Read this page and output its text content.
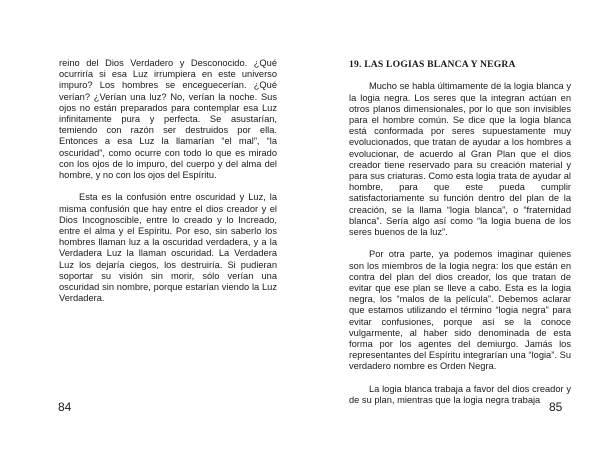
reino del Dios Verdadero y Desconocido. ¿Qué ocurriría si esa Luz irrumpiera en este universo impuro? Los hombres se enceguecerían. ¿Qué verían? ¿Verían una luz? No, verían la noche. Sus ojos no están preparados para contemplar esa Luz infinitamente pura y perfecta. Se asustarían, temiendo con razón ser destruidos por ella. Entonces a esa Luz la llamarían “el mal”, “la oscuridad”, como ocurre con todo lo que es mirado con los ojos de lo impuro, del cuerpo y del alma del hombre, y no con los ojos del Espíritu.

Esta es la confusión entre oscuridad y Luz, la misma confusión que hay entre el dios creador y el Dios Incognoscible, entre lo creado y lo Increado, entre el alma y el Espíritu. Por eso, sin saberlo los hombres llaman luz a la oscuridad verdadera, y a la Verdadera Luz la llaman oscuridad. La Verdadera Luz los dejaría ciegos, los destruiría. Si pudieran soportar su visión sin morir, sólo verían una oscuridad sin nombre, porque estarían viendo la Luz Verdadera.

84
19. LAS LOGIAS BLANCA Y NEGRA

Mucho se habla últimamente de la logia blanca y la logia negra. Los seres que la integran actúan en otros planos dimensionales, por lo que son invisibles para el hombre común. Se dice que la logia blanca está conformada por seres supuestamente muy evolucionados, que tratan de ayudar a los hombres a evolucionar, de acuerdo al Gran Plan que el dios creador tiene reservado para su creación material y para sus criaturas. Como esta logia trata de ayudar al hombre, para que este pueda cumplir satisfactoriamente su función dentro del plan de la creación, se la llama “logia blanca”, o “fraternidad blanca”. Sería algo así como “la logia buena de los seres buenos de la luz”.

Por otra parte, ya podemos imaginar quienes son los miembros de la logia negra: los que están en contra del plan del dios creador, los que tratan de evitar que ese plan se lleve a cabo. Esta es la logia negra, los “malos de la película”. Debemos aclarar que estamos utilizando el término “logia negra” para evitar confusiones, porque así se la conoce vulgarmente, al haber sido denominada de esta forma por los agentes del demiurgo. Jamás los representantes del Espíritu integrarían una “logia”. Su verdadero nombre es Orden Negra.

La logia blanca trabaja a favor del dios creador y de su plan, mientras que la logia negra trabaja 85
